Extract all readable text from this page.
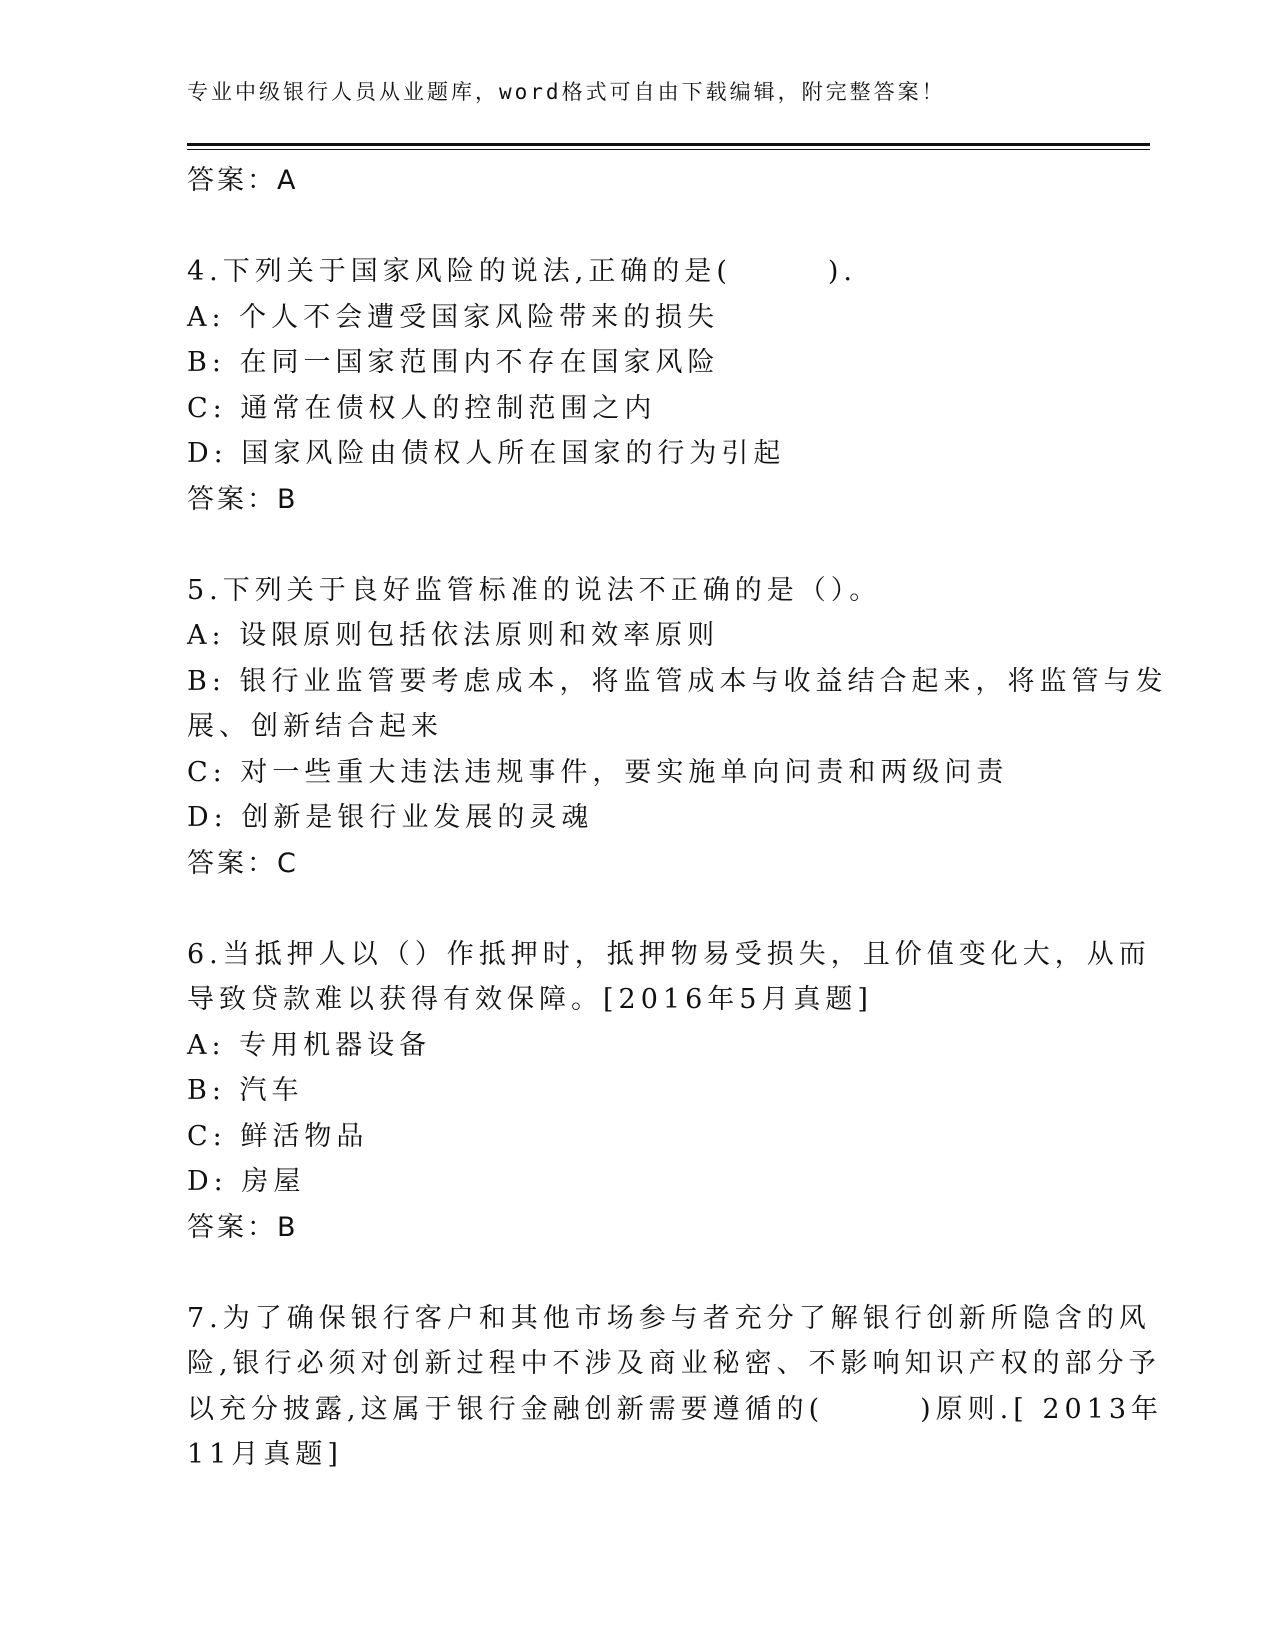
专业中级银行人员从业题库，word格式可自由下载编辑，附完整答案！
答案：A
4.下列关于国家风险的说法,正确的是(　　　).
A: 个人不会遭受国家风险带来的损失
B: 在同一国家范围内不存在国家风险
C: 通常在债权人的控制范围之内
D: 国家风险由债权人所在国家的行为引起
答案：B
5.下列关于良好监管标准的说法不正确的是（）。
A: 设限原则包括依法原则和效率原则
B: 银行业监管要考虑成本，将监管成本与收益结合起来，将监管与发
展、创新结合起来
C: 对一些重大违法违规事件，要实施单向问责和两级问责
D: 创新是银行业发展的灵魂
答案：C
6.当抵押人以（）作抵押时，抵押物易受损失，且价值变化大，从而
导致贷款难以获得有效保障。[2016年5月真题]
A: 专用机器设备
B: 汽车
C: 鲜活物品
D: 房屋
答案：B
7.为了确保银行客户和其他市场参与者充分了解银行创新所隐含的风
险,银行必须对创新过程中不涉及商业秘密、不影响知识产权的部分予
以充分披露,这属于银行金融创新需要遵循的(　　　)原则.[ 2013年
11月真题]
